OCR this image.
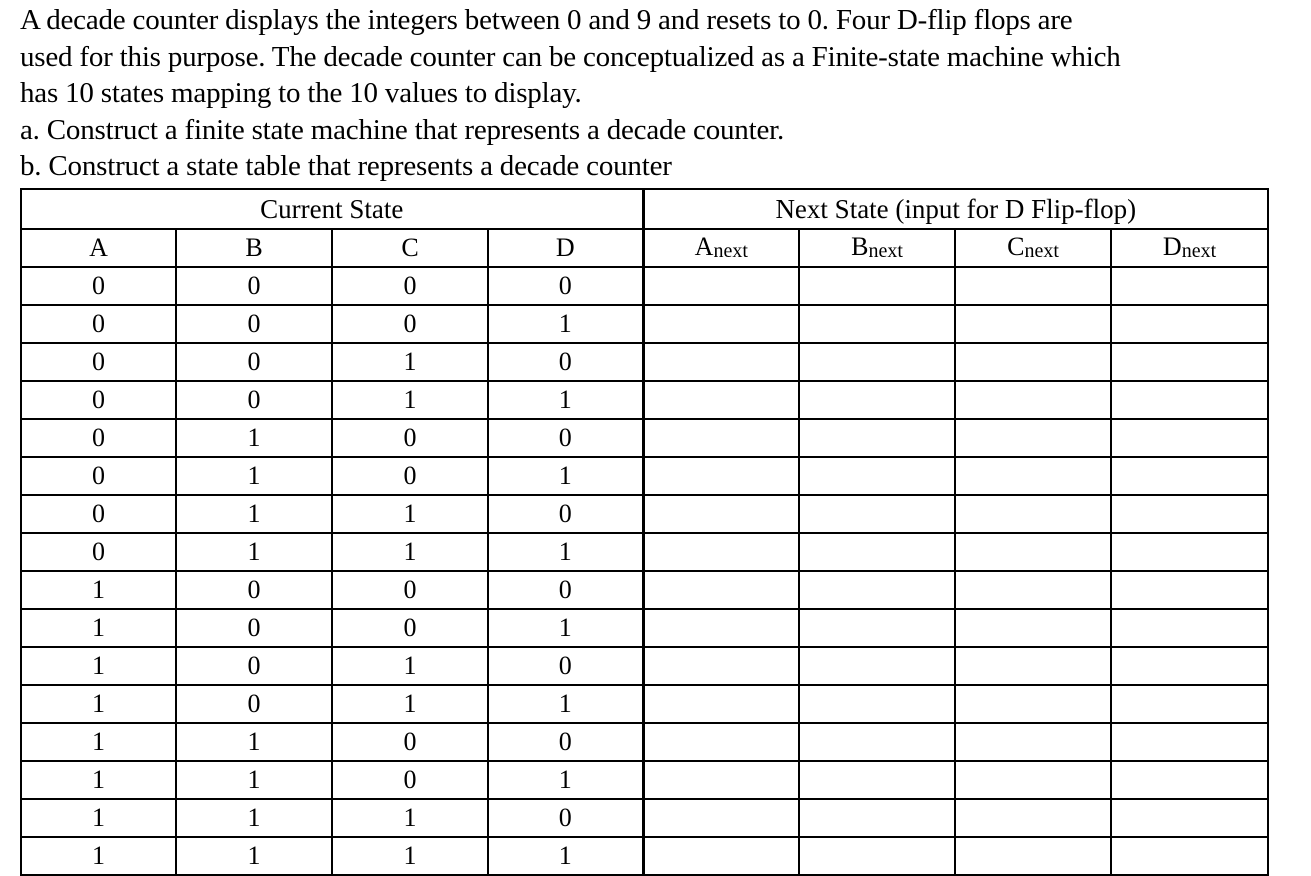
A decade counter displays the integers between 0 and 9 and resets to 0. Four D-flip flops are
used for this purpose. The decade counter can be conceptualized as a Finite-state machine which
has 10 states mapping to the 10 values to display.
a. Construct a finite state machine that represents a decade counter.
b. Construct a state table that represents a decade counter
Current State				Next State (input for D Flip-flop)			
A	B	C	D	Anext	Bnext	Cnext	Dnext
0	0	0	0				
0	0	0	1				
0	0	1	0				
0	0	1	1				
0	1	0	0				
0	1	0	1				
0	1	1	0				
0	1	1	1				
1	0	0	0				
1	0	0	1				
1	0	1	0				
1	0	1	1				
1	1	0	0				
1	1	0	1				
1	1	1	0				
1	1	1	1				
